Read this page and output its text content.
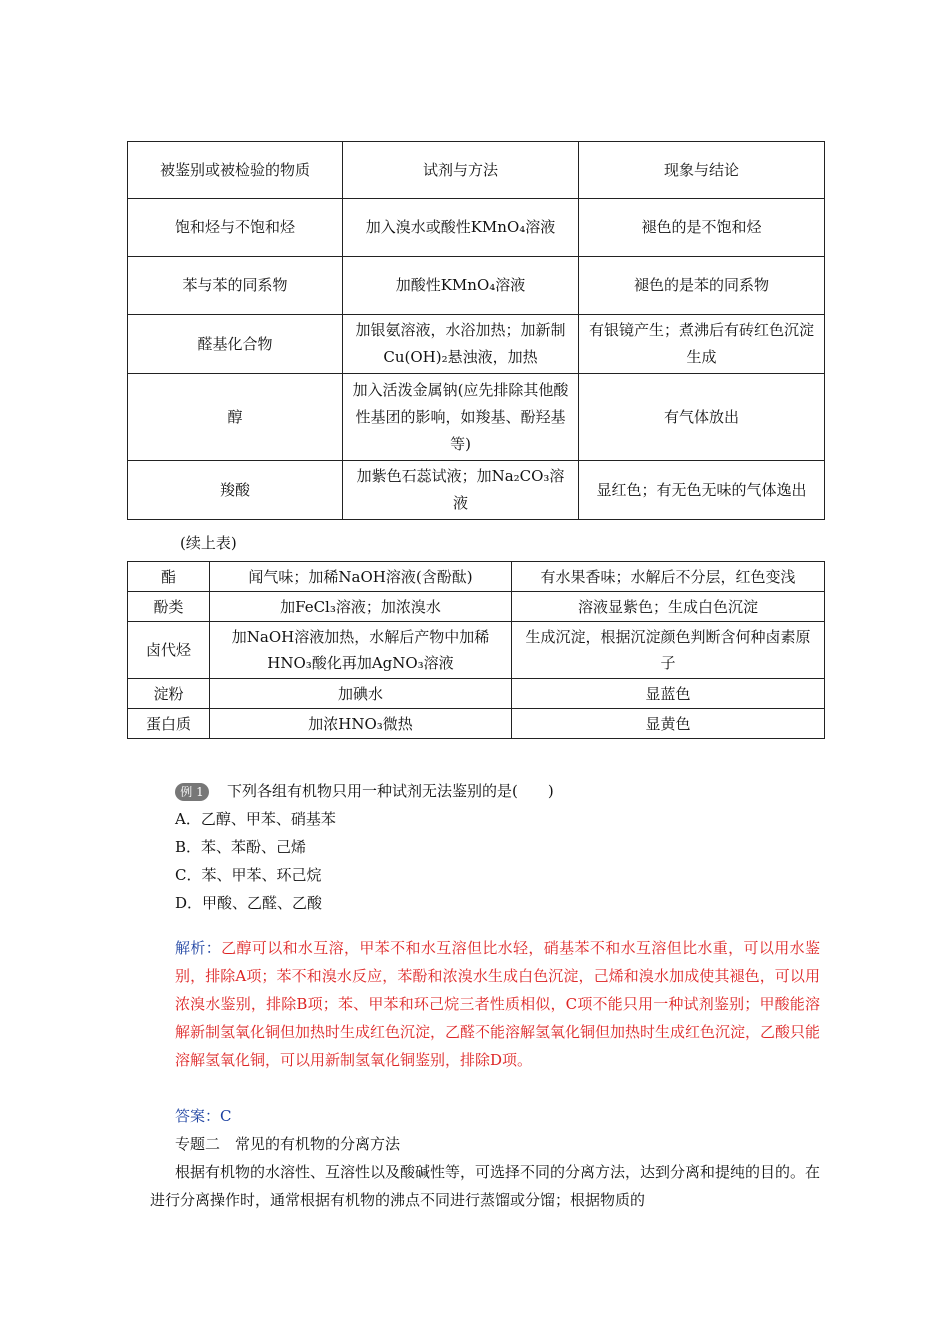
被鉴别或被检验的物质	试剂与方法	现象与结论
饱和烃与不饱和烃	加入溴水或酸性KMnO₄溶液	褪色的是不饱和烃
苯与苯的同系物	加酸性KMnO₄溶液	褪色的是苯的同系物
醛基化合物	加银氨溶液，水浴加热；加新制Cu(OH)₂悬浊液，加热	有银镜产生；煮沸后有砖红色沉淀生成
醇	加入活泼金属钠(应先排除其他酸性基团的影响，如羧基、酚羟基等)	有气体放出
羧酸	加紫色石蕊试液；加Na₂CO₃溶液	显红色；有无色无味的气体逸出
(续上表)
酯	闻气味；加稀NaOH溶液(含酚酞)	有水果香味；水解后不分层，红色变浅
酚类	加FeCl₃溶液；加浓溴水	溶液显紫色；生成白色沉淀
卤代烃	加NaOH溶液加热，水解后产物中加稀HNO₃酸化再加AgNO₃溶液	生成沉淀，根据沉淀颜色判断含何种卤素原子
淀粉	加碘水	显蓝色
蛋白质	加浓HNO₃微热	显黄色
例 1 下列各组有机物只用一种试剂无法鉴别的是(　　)
A．乙醇、甲苯、硝基苯
B．苯、苯酚、己烯
C．苯、甲苯、环己烷
D．甲酸、乙醛、乙酸
解析：乙醇可以和水互溶，甲苯不和水互溶但比水轻，硝基苯不和水互溶但比水重，可以用水鉴别，排除A项；苯不和溴水反应，苯酚和浓溴水生成白色沉淀，己烯和溴水加成使其褪色，可以用浓溴水鉴别，排除B项；苯、甲苯和环己烷三者性质相似，C项不能只用一种试剂鉴别；甲酸能溶解新制氢氧化铜但加热时生成红色沉淀，乙醛不能溶解氢氧化铜但加热时生成红色沉淀，乙酸只能溶解氢氧化铜，可以用新制氢氧化铜鉴别，排除D项。
答案：C
专题二　常见的有机物的分离方法
根据有机物的水溶性、互溶性以及酸碱性等，可选择不同的分离方法，达到分离和提纯的目的。在进行分离操作时，通常根据有机物的沸点不同进行蒸馏或分馏；根据物质的
